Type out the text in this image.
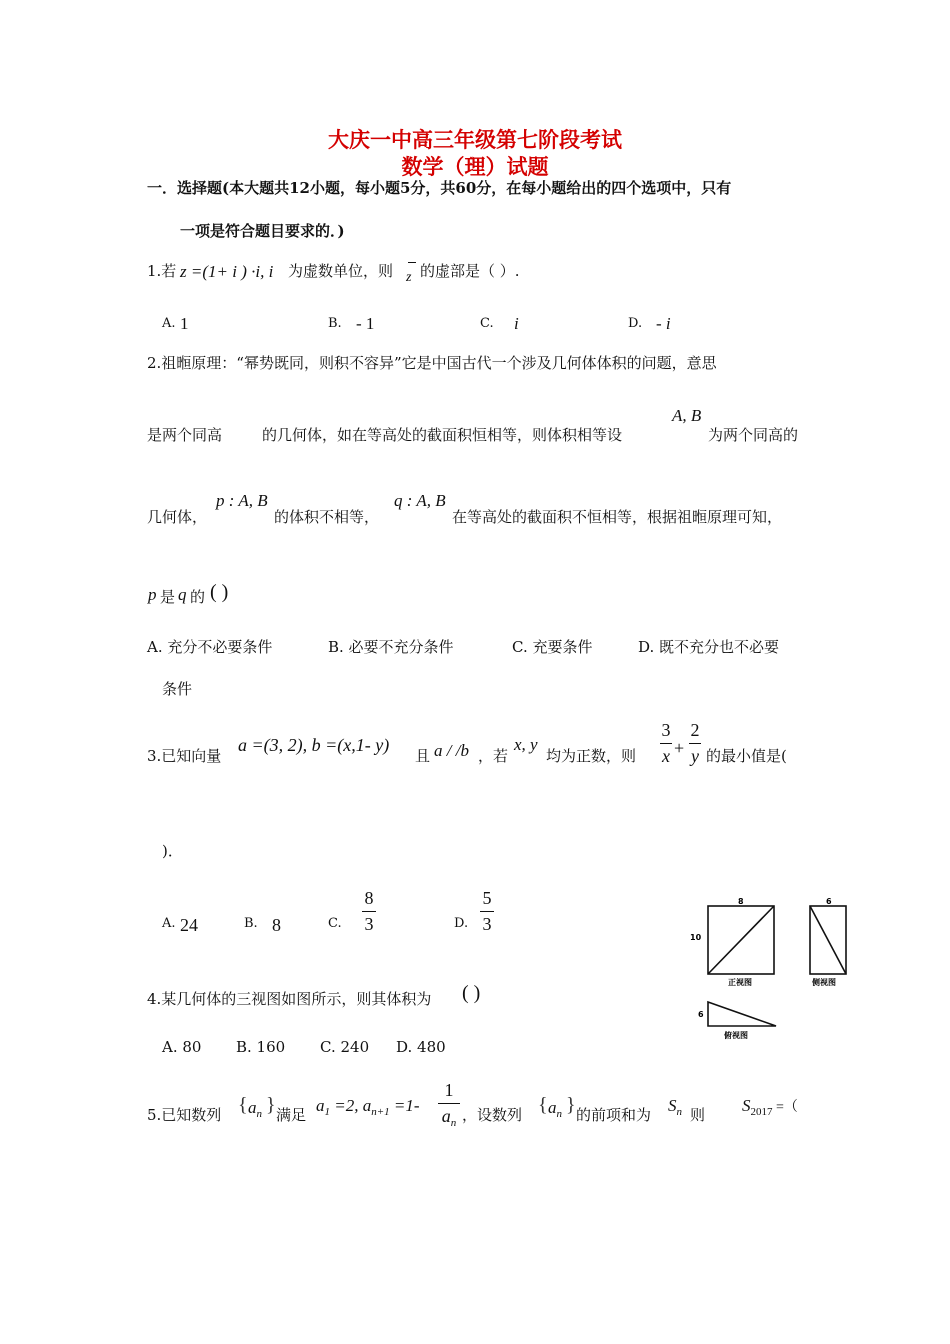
大庆一中高三年级第七阶段考试
数学（理）试题
一．选择题(本大题共12小题，每小题5分，共60分，在每小题给出的四个选项中，只有
一项是符合题目要求的．)
1.若 z =(1+ i ) ·i, i 为虚数单位，则 z 的虚部是（ ）.
A. 1	B. - 1	C. i	D. - i
2.祖暅原理：“幂势既同，则积不容异”它是中国古代一个涉及几何体体积的问题，意思
是两个同高	的几何体，如在等高处的截面积恒相等，则体积相等设
A, B
为两个同高的
几何体，
p : A, B
的体积不相等，
q : A, B
在等高处的截面积不恒相等，根据祖暅原理可知，
p 是 q 的 ( )
A. 充分不必要条件	B. 必要不充分条件	C. 充要条件	D. 既不充分也不必要
条件
3.已知向量
a =(3, 2), b =(x,1- y)
且 a / /b ，若
x, y
均为正数，则
3
x +
2
y 的最小值是(
)．
A. 24	B. 8	C.
8
3	D.
5
3
8
10
正视图
6
侧视图
6
俯视图
4.某几何体的三视图如图所示，则其体积为 ( )
A. 80 B. 160 C. 240 D. 480
5.已知数列 { $a_n$ } 满足 $a_1 =2$, $a_{n+1} =1-$
1
$a_n$ ，设数列 { $a_n$ } 的前项和为 $S_n$ 则 $S_{2017}$ =（
